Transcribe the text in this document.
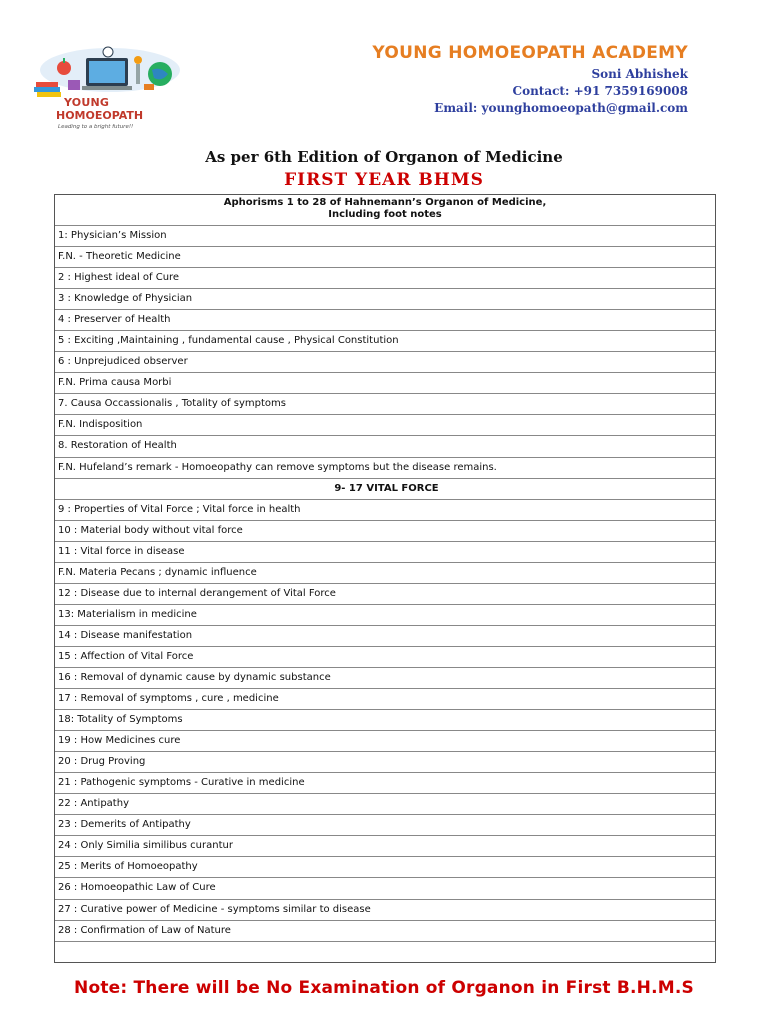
YOUNG
HOMOEOPATH
Leading to a bright future!!
YOUNG HOMOEOPATH ACADEMY
Soni Abhishek
Contact: +91 7359169008
Email: younghomoeopath@gmail.com
As per 6th Edition of Organon of Medicine
FIRST YEAR BHMS
Aphorisms 1 to 28 of Hahnemann’s Organon of Medicine,
Including foot notes
1: Physician’s Mission
F.N. - Theoretic Medicine
2 : Highest ideal of Cure
3 : Knowledge of Physician
4 : Preserver of Health
5 : Exciting ,Maintaining , fundamental cause , Physical Constitution
6 : Unprejudiced observer
F.N. Prima causa Morbi
7. Causa Occassionalis , Totality of symptoms
F.N. Indisposition
8. Restoration of Health
F.N. Hufeland’s remark - Homoeopathy can remove symptoms but the disease remains.
9- 17 VITAL FORCE
9 : Properties of Vital Force ; Vital force in health
10 : Material body without vital force
11 : Vital force in disease
F.N. Materia Pecans ; dynamic influence
12 : Disease due to internal derangement of Vital Force
13: Materialism in medicine
14 : Disease manifestation
15 : Affection of Vital Force
16 : Removal of dynamic cause by dynamic substance
17 : Removal of symptoms , cure , medicine
18: Totality of Symptoms
19 : How Medicines cure
20 : Drug Proving
21 : Pathogenic symptoms - Curative in medicine
22 : Antipathy
23 : Demerits of Antipathy
24 : Only Similia similibus curantur
25 : Merits of Homoeopathy
26 : Homoeopathic Law of Cure
27 : Curative power of Medicine - symptoms similar to disease
28 : Confirmation of Law of Nature
Note: There will be No Examination of Organon in First B.H.M.S
